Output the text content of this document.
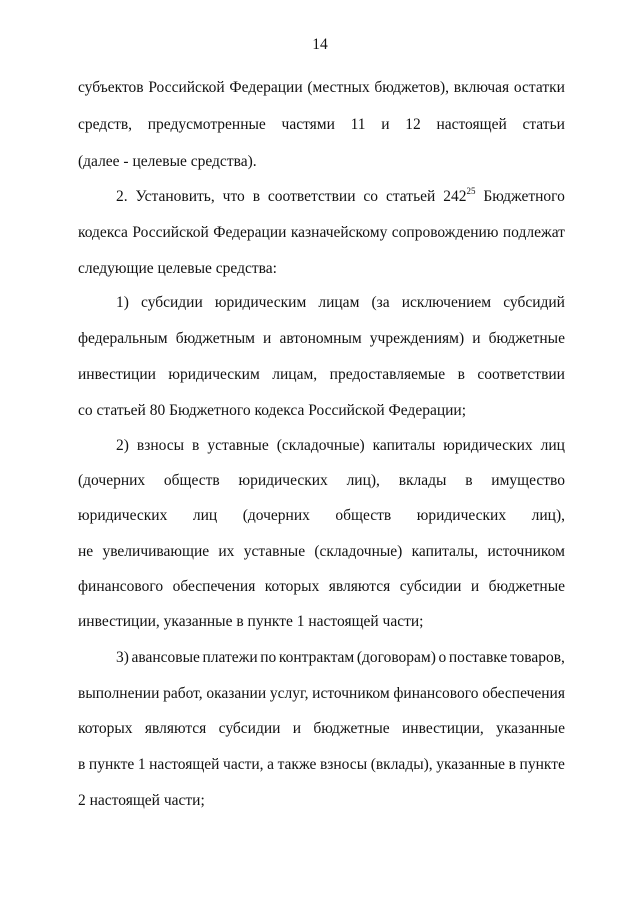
14
субъектов Российской Федерации (местных бюджетов), включая остатки
средств, предусмотренные частями 11 и 12 настоящей статьи
(далее - целевые средства).
2. Установить, что в соответствии со статьей $242^{25}$ Бюджетного
кодекса Российской Федерации казначейскому сопровождению подлежат
следующие целевые средства:
1) субсидии юридическим лицам (за исключением субсидий
федеральным бюджетным и автономным учреждениям) и бюджетные
инвестиции юридическим лицам, предоставляемые в соответствии
со статьей 80 Бюджетного кодекса Российской Федерации;
2) взносы в уставные (складочные) капиталы юридических лиц
(дочерних обществ юридических лиц), вклады в имущество
юридических лиц (дочерних обществ юридических лиц),
не увеличивающие их уставные (складочные) капиталы, источником
финансового обеспечения которых являются субсидии и бюджетные
инвестиции, указанные в пункте 1 настоящей части;
3) авансовые платежи по контрактам (договорам) о поставке товаров,
выполнении работ, оказании услуг, источником финансового обеспечения
которых являются субсидии и бюджетные инвестиции, указанные
в пункте 1 настоящей части, а также взносы (вклады), указанные в пункте
2 настоящей части;
